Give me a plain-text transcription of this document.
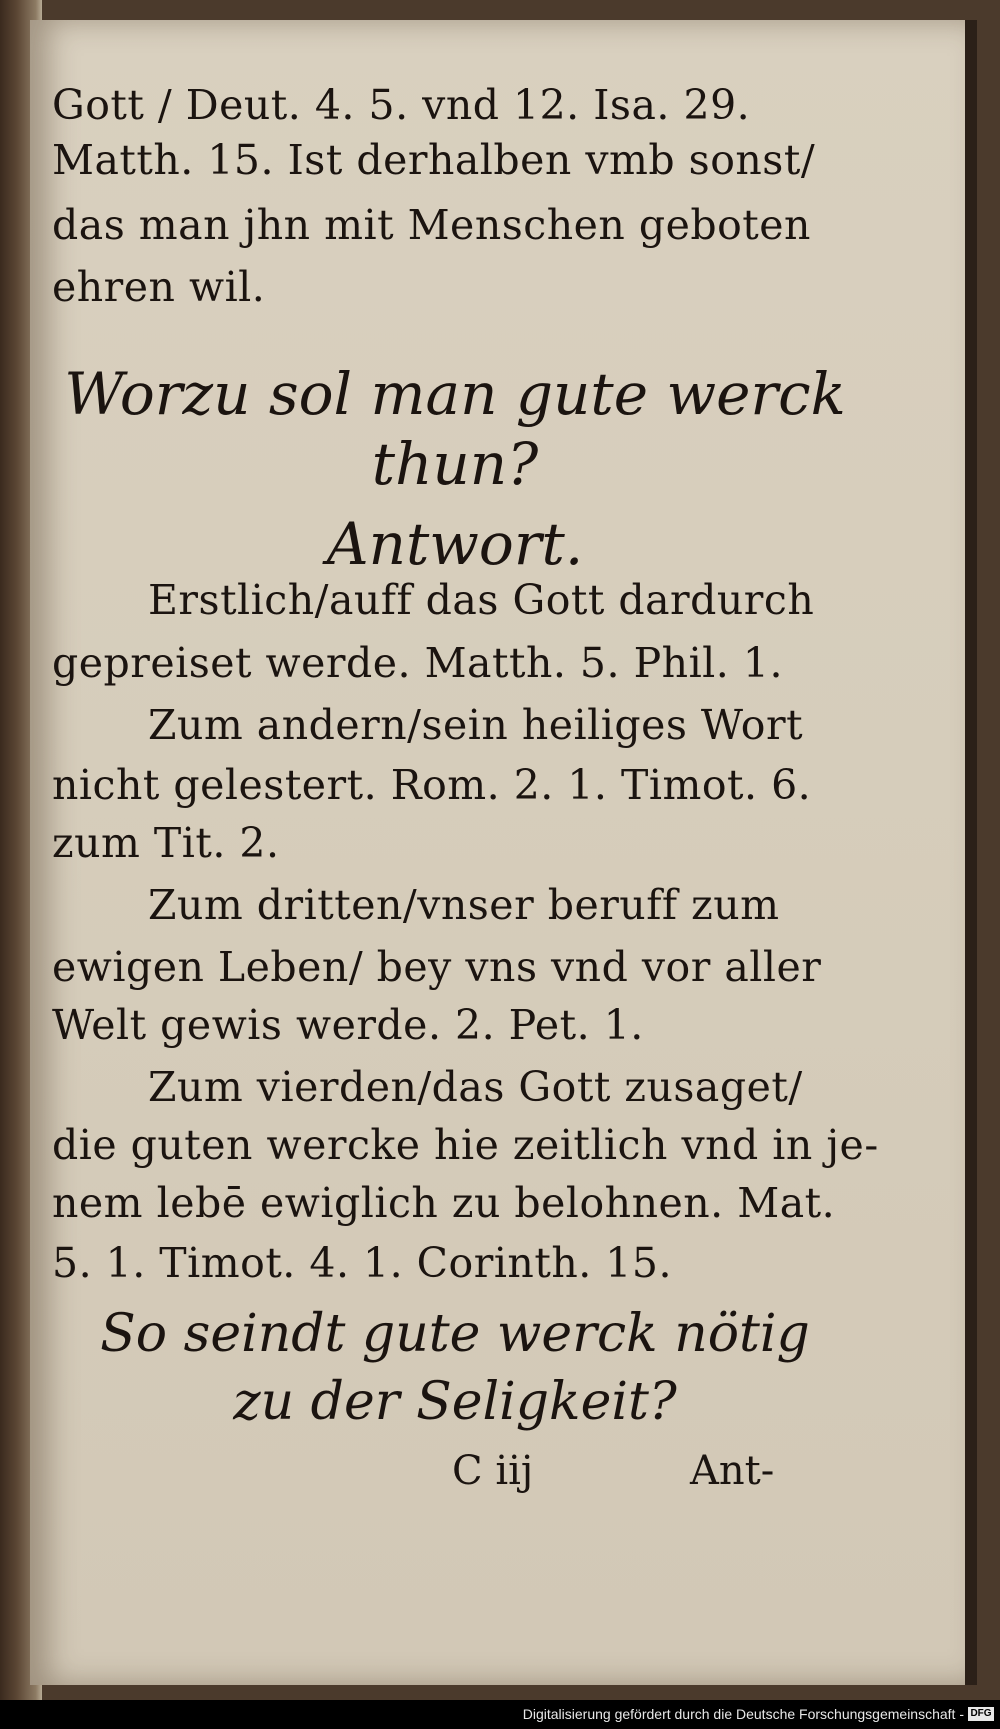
Gott / Deut. 4. 5. vnd 12. Isa. 29.
Matth. 15. Ist derhalben vmb sonst/
das man jhn mit Menschen geboten
ehren wil.
Worzu sol man gute werck
thun?
Antwort.
Erstlich/auff das Gott dardurch
gepreiset werde. Matth. 5. Phil. 1.
Zum andern/sein heiliges Wort
nicht gelestert. Rom. 2. 1. Timot. 6.
zum Tit. 2.
Zum dritten/vnser beruff zum
ewigen Leben/ bey vns vnd vor aller
Welt gewis werde. 2. Pet. 1.
Zum vierden/das Gott zusaget/
die guten wercke hie zeitlich vnd in je-
nem lebē ewiglich zu belohnen. Mat.
5. 1. Timot. 4. 1. Corinth. 15.
So seindt gute werck nötig
zu der Seligkeit?
C iij	Ant-
Digitalisierung gefördert durch die Deutsche Forschungsgemeinschaft - DFG
